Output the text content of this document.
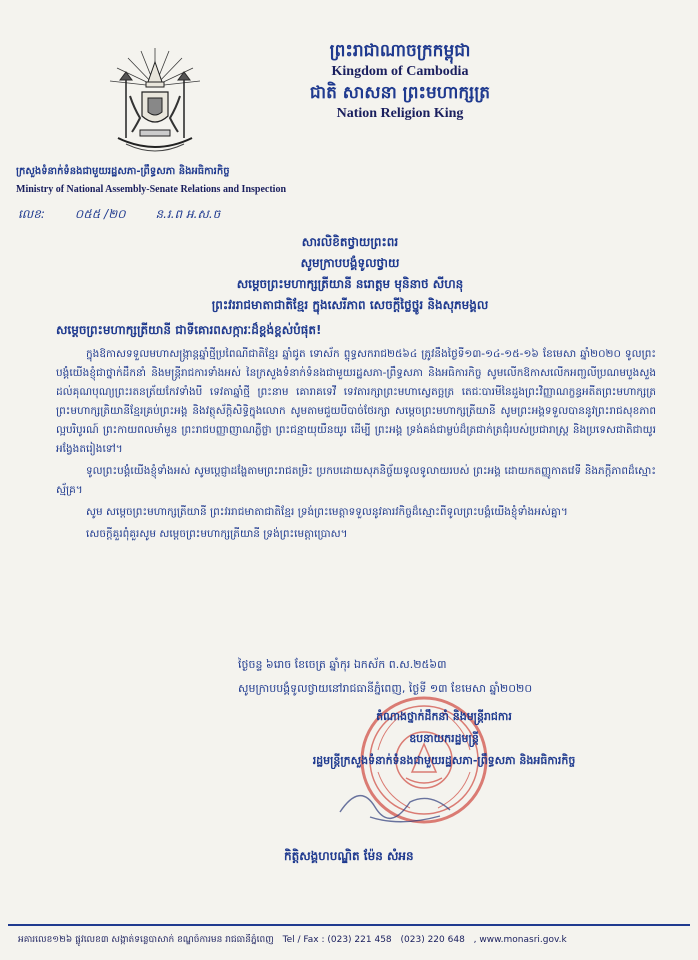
ព្រះរាជាណាចក្រកម្ពុជា
Kingdom of Cambodia
ជាតិ សាសនា ព្រះមហាក្សត្រ
Nation Religion King
ក្រសួងទំនាក់ទំនងជាមួយរដ្ឋសភា-ព្រឹទ្ធសភា និងអធិការកិច្ច
Ministry of National Assembly-Senate Relations and Inspection
លេខ: ០៥៥ /២០ ន.រ.ព អ.ស.ច
សារលិខិតថ្វាយព្រះពរ
សូមក្រាបបង្គំទូលថ្វាយ
សម្តេចព្រះមហាក្សត្រីយានី នរោត្តម មុនិនាថ សីហនុ
ព្រះវររាជមាតាជាតិខ្មែរ ក្នុងសេរីភាព សេចក្តីថ្លៃថ្នូរ និងសុភមង្គល
សម្តេចព្រះមហាក្សត្រីយានី ជាទីគោរពសក្ការៈដ៏ខ្ពង់ខ្ពស់បំផុត!

ក្នុងឱកាសទទួលមហាសង្ក្រាន្តឆ្នាំថ្មីប្រពៃណីជាតិខ្មែរ ឆ្នាំជូត ទោស័ក ព្ទុទ្ធសករាជ២៥៦៤ ត្រូវនឹងថ្ងៃទី១៣-១៤-១៥-១៦ ខែមេសា ឆ្នាំ២០២០ ទូលព្រះបង្គំយើងខ្ញុំជាថ្នាក់ដឹកនាំ និងមន្ត្រីរាជការទាំងអស់ នៃក្រសួងទំនាក់ទំនងជាមួយរដ្ឋសភា-ព្រឹទ្ធសភា និងអធិការកិច្ច សូមលើកឱកាសលើកអញ្ជលីប្រណមបួងសួងដល់គុណបុណ្យព្រះរតនត្រ័យកែវទាំងបី ទេវតាឆ្នាំថ្មី ព្រះនាម គោរាគទេវី ទេវតារក្សាព្រះមហាសេ្វតច្ឆត្រ តេជៈបារមីនៃដួងព្រះវិញ្ញាណក្ខន្ធអតីតព្រះមហាក្សត្រ ព្រះមហាក្សត្រិយានីខ្មែរគ្រប់ព្រះអង្គ និងវត្ថុស័ក្តិសិទ្ធិក្នុងលោក សូមតាមជួយបីបាច់ថែរក្សា សម្តេចព្រះមហាក្សត្រីយានី សូមព្រះអង្គទទួលបាននូវព្រះរាជសុខភាពល្អបរិបូរណ៍ ព្រះកាយពលមាំមួន ព្រះរាជបញ្ញាញាណភ្លឺថ្លា ព្រះជន្មាយុយឺនយូរ ដើម្បី ព្រះអង្គ ទ្រង់គង់ជាម្លប់ដ៏ត្រជាក់ត្រជុំរបស់ប្រជារាស្ត្រ និងប្រទេសជាតិជាយូរអង្វែងតរៀងទៅ។

ទូលព្រះបង្គំយើងខ្ញុំទាំងអស់ សូមប្តេជ្ញាដង្ហែតាមព្រះរាជតម្រិះ ប្រកបដោយសុភនិច្ច័យទូលទូលាយរបស់ ព្រះអង្គ ដោយកតញ្ញូកាតវេទី និងភក្តីភាពដ៏ស្មោះស្ម័គ្រ។

សូម សម្តេចព្រះមហាក្សត្រីយានី ព្រះវររាជមាតាជាតិខ្មែរ ទ្រង់ព្រះមេត្តាទទួលនូវគារវកិច្ចដ៏ស្មោះពីទូលព្រះបង្គំយើងខ្ញុំទាំងអស់គ្នា។

សេចក្តីគួរពុំគួរសូម សម្តេចព្រះមហាក្សត្រីយានី ទ្រង់ព្រះមេត្តាប្រោស។

ថ្ងៃចន្ទ ៦រោច ខែចេត្រ ឆ្នាំកុរ ឯកស័ក ព.ស.២៥៦៣
សូមក្រាបបង្គំទូលថ្វាយនៅរាជធានីភ្នំពេញ, ថ្ងៃទី ១៣ ខែមេសា ឆ្នាំ២០២០
តំណាងថ្នាក់ដឹកនាំ និងមន្ត្រីរាជការ
ឧបនាយករដ្ឋមន្ត្រី
រដ្ឋមន្ត្រីក្រសួងទំនាក់ទំនងជាមួយរដ្ឋសភា-ព្រឹទ្ធសភា និងអធិការកិច្ច
កិត្តិសង្គហបណ្ឌិត ម៉ែន សំអន
អគារលេខ១២៦ ផ្លូវលេខ៣ សង្កាត់ទន្លេបាសាក់ ខណ្ឌចំការមន រាជធានីភ្នំពេញ Tel / Fax : (023) 221 458 (023) 220 648 , www.monasri.gov.k
